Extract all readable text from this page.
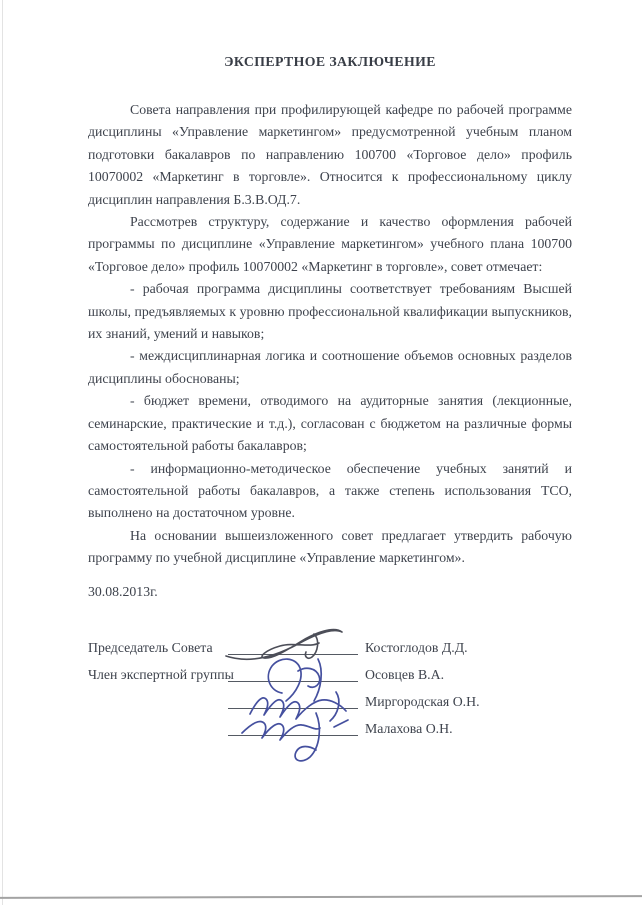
ЭКСПЕРТНОЕ ЗАКЛЮЧЕНИЕ

Совета направления при профилирующей кафедре по рабочей программе дисциплины «Управление маркетингом» предусмотренной учебным планом подготовки бакалавров по направлению 100700 «Торговое дело» профиль 10070002 «Маркетинг в торговле». Относится к профессиональному циклу дисциплин направления Б.3.В.ОД.7.

Рассмотрев структуру, содержание и качество оформления рабочей программы по дисциплине «Управление маркетингом» учебного плана 100700 «Торговое дело» профиль 10070002 «Маркетинг в торговле», совет отмечает:

- рабочая программа дисциплины соответствует требованиям Высшей школы, предъявляемых к уровню профессиональной квалификации выпускников, их знаний, умений и навыков;

- междисциплинарная логика и соотношение объемов основных разделов дисциплины обоснованы;

- бюджет времени, отводимого на аудиторные занятия (лекционные, семинарские, практические и т.д.), согласован с бюджетом на различные формы самостоятельной работы бакалавров;

- информационно-методическое обеспечение учебных занятий и самостоятельной работы бакалавров, а также степень использования ТСО, выполнено на достаточном уровне.

На основании вышеизложенного совет предлагает утвердить рабочую программу по учебной дисциплине «Управление маркетингом».

30.08.2013г.

Председатель Совета	Костоглодов Д.Д.
Член экспертной группы	Осовцев В.А.
Миргородская О.Н.
Малахова О.Н.
